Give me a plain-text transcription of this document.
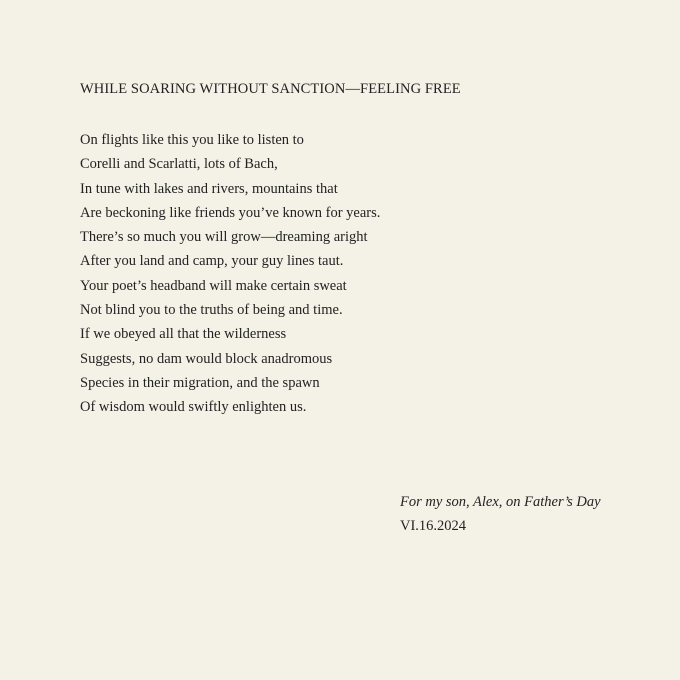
WHILE SOARING WITHOUT SANCTION—FEELING FREE
On flights like this you like to listen to
Corelli and Scarlatti, lots of Bach,
In tune with lakes and rivers, mountains that
Are beckoning like friends you’ve known for years.
There’s so much you will grow—dreaming aright
After you land and camp, your guy lines taut.
Your poet’s headband will make certain sweat
Not blind you to the truths of being and time.
If we obeyed all that the wilderness
Suggests, no dam would block anadromous
Species in their migration, and the spawn
Of wisdom would swiftly enlighten us.
For my son, Alex, on Father’s Day
VI.16.2024
